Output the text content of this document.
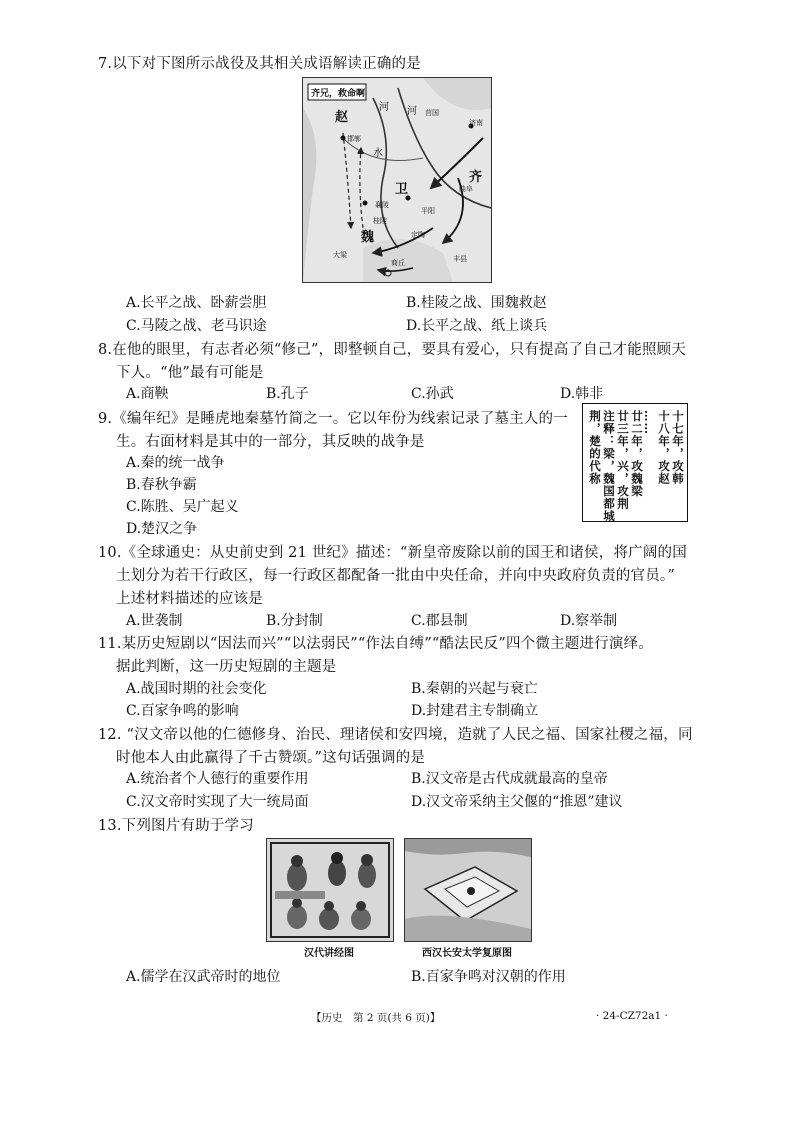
7.以下对下图所示战役及其相关成语解读正确的是
齐兄，救命啊
赵
卫
魏
齐
河 河
水
邯郸
襄陵
大梁
桂陵
定陶
济南
曲阜
莒国
商丘	丰县
平阳
A.长平之战、卧薪尝胆	B.桂陵之战、围魏救赵
C.马陵之战、老马识途	D.长平之战、纸上谈兵
8.在他的眼里，有志者必须“修己”，即整顿自己，要具有爱心，只有提高了自己才能照顾天
下人。“他”最有可能是
A.商鞅	B.孔子	C.孙武	D.韩非
9.《编年纪》是睡虎地秦墓竹简之一。它以年份为线索记录了墓主人的一
生。右面材料是其中的一部分，其反映的战争是
A.秦的统一战争
B.春秋争霸
C.陈胜、吴广起义
D.楚汉之争
十七年，攻韩
十八年，攻赵
……
廿二年，攻魏梁
廿三年，兴，攻荆
注释：梁，魏国都城
荆，楚的代称
10.《全球通史：从史前史到 21 世纪》描述：“新皇帝废除以前的国王和诸侯，将广阔的国
土划分为若干行政区，每一行政区都配备一批由中央任命，并向中央政府负责的官员。”
上述材料描述的应该是
A.世袭制	B.分封制	C.郡县制	D.察举制
11.某历史短剧以“因法而兴”“以法弱民”“作法自缚”“酷法民反”四个微主题进行演绎。
据此判断，这一历史短剧的主题是
A.战国时期的社会变化	B.秦朝的兴起与衰亡
C.百家争鸣的影响	D.封建君主专制确立
12. “汉文帝以他的仁德修身、治民、理诸侯和安四境，造就了人民之福、国家社稷之福，同
时他本人由此赢得了千古赞颂。”这句话强调的是
A.统治者个人德行的重要作用	B.汉文帝是古代成就最高的皇帝
C.汉文帝时实现了大一统局面	D.汉文帝采纳主父偃的“推恩”建议
13.下列图片有助于学习
汉代讲经图	西汉长安太学复原图
A.儒学在汉武帝时的地位	B.百家争鸣对汉朝的作用
【历史　第 2 页(共 6 页)】	· 24-CZ72a1 ·
